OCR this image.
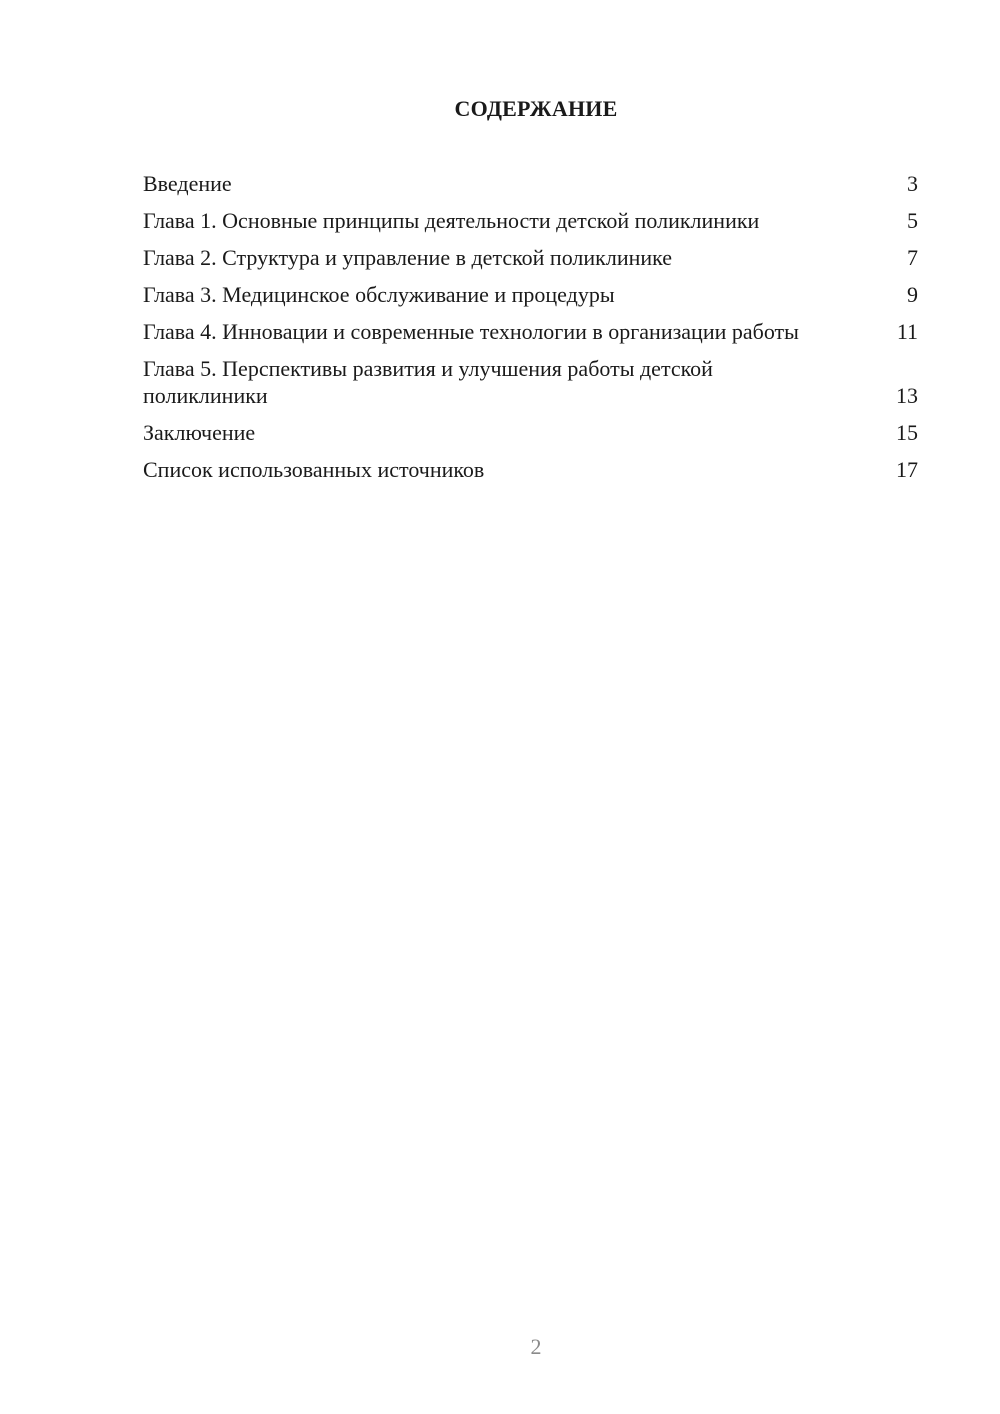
СОДЕРЖАНИЕ
Введение	3
Глава 1. Основные принципы деятельности детской поликлиники	5
Глава 2. Структура и управление в детской поликлинике	7
Глава 3. Медицинское обслуживание и процедуры	9
Глава 4. Инновации и современные технологии в организации работы	11
Глава 5. Перспективы развития и улучшения работы детской поликлиники	13
Заключение	15
Список использованных источников	17
2
